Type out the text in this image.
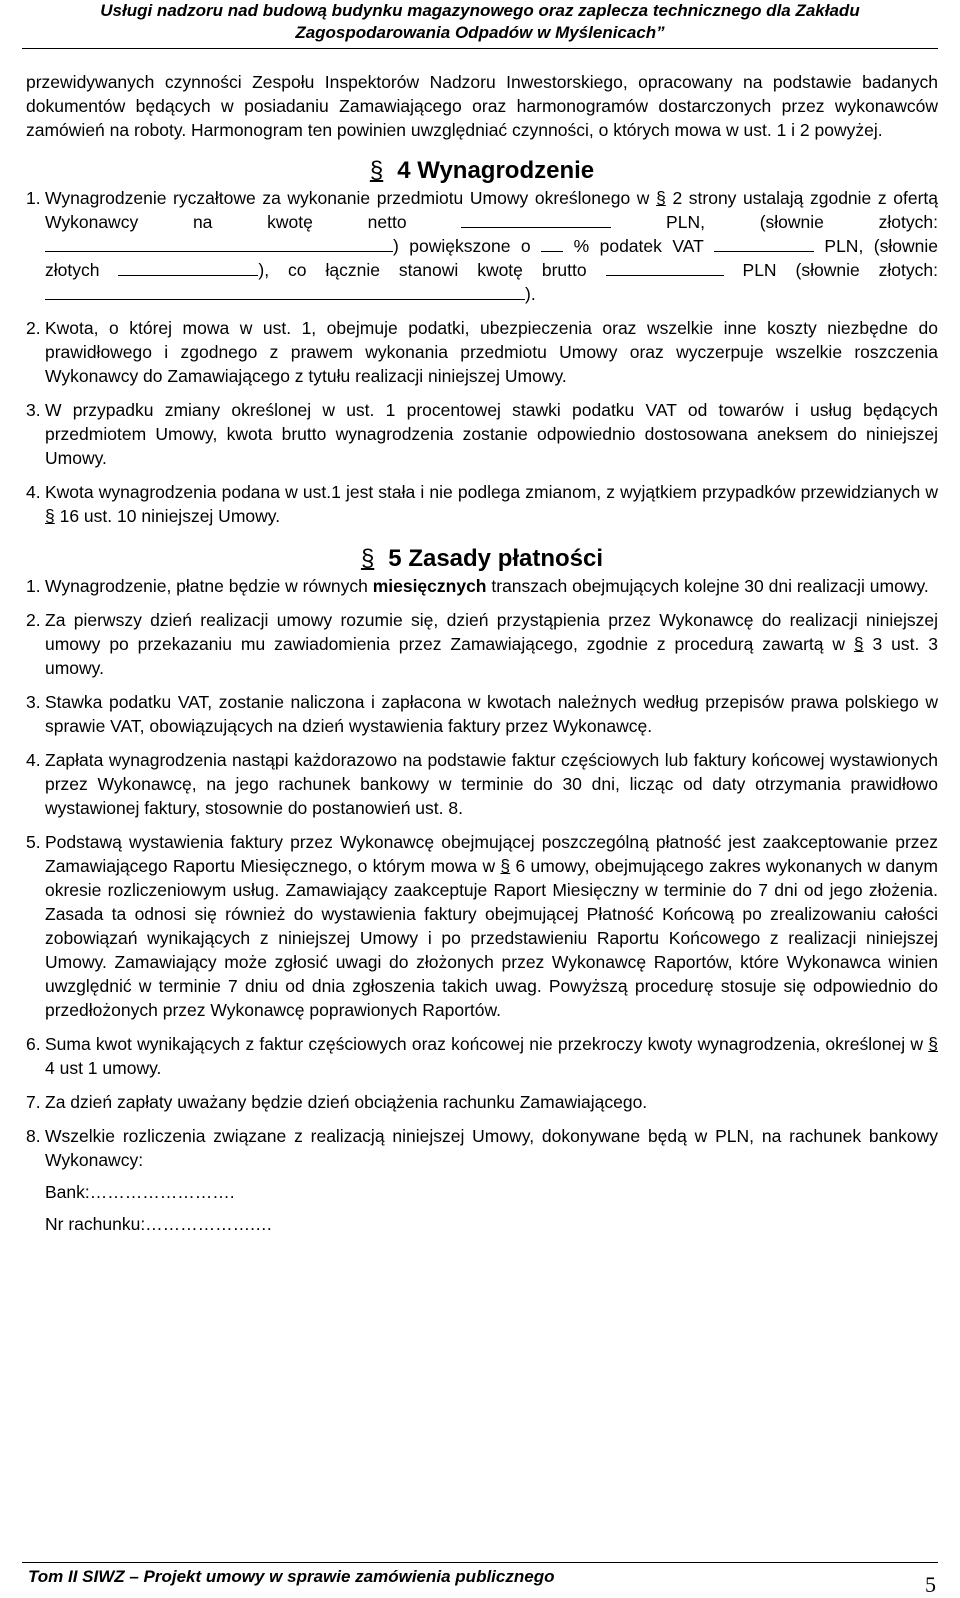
Usługi nadzoru nad budową budynku magazynowego oraz zaplecza technicznego dla Zakładu
Zagospodarowania Odpadów w Myślenicach”

przewidywanych czynności Zespołu Inspektorów Nadzoru Inwestorskiego, opracowany na podstawie badanych dokumentów będących w posiadaniu Zamawiającego oraz harmonogramów dostarczonych przez wykonawców zamówień na roboty. Harmonogram ten powinien uwzględniać czynności, o których mowa w ust. 1 i 2 powyżej.

§ 4 Wynagrodzenie

1. Wynagrodzenie ryczałtowe za wykonanie przedmiotu Umowy określonego w § 2 strony ustalają zgodnie z ofertą Wykonawcy na kwotę netto	PLN, (słownie złotych: ) powiększone o % podatek VAT	PLN, (słownie złotych	), co łącznie stanowi kwotę brutto	PLN (słownie złotych: ).
2. Kwota, o której mowa w ust. 1, obejmuje podatki, ubezpieczenia oraz wszelkie inne koszty niezbędne do prawidłowego i zgodnego z prawem wykonania przedmiotu Umowy oraz wyczerpuje wszelkie roszczenia Wykonawcy do Zamawiającego z tytułu realizacji niniejszej Umowy.
3. W przypadku zmiany określonej w ust. 1 procentowej stawki podatku VAT od towarów i usług będących przedmiotem Umowy, kwota brutto wynagrodzenia zostanie odpowiednio dostosowana aneksem do niniejszej Umowy.
4. Kwota wynagrodzenia podana w ust.1 jest stała i nie podlega zmianom, z wyjątkiem przypadków przewidzianych w § 16 ust. 10 niniejszej Umowy.

§ 5 Zasady płatności

1. Wynagrodzenie, płatne będzie w równych miesięcznych transzach obejmujących kolejne 30 dni realizacji umowy.
2. Za pierwszy dzień realizacji umowy rozumie się, dzień przystąpienia przez Wykonawcę do realizacji niniejszej umowy po przekazaniu mu zawiadomienia przez Zamawiającego, zgodnie z procedurą zawartą w § 3 ust. 3 umowy.
3. Stawka podatku VAT, zostanie naliczona i zapłacona w kwotach należnych według przepisów prawa polskiego w sprawie VAT, obowiązujących na dzień wystawienia faktury przez Wykonawcę.
4. Zapłata wynagrodzenia nastąpi każdorazowo na podstawie faktur częściowych lub faktury końcowej wystawionych przez Wykonawcę, na jego rachunek bankowy w terminie do 30 dni, licząc od daty otrzymania prawidłowo wystawionej faktury, stosownie do postanowień ust. 8.
5. Podstawą wystawienia faktury przez Wykonawcę obejmującej poszczególną płatność jest zaakceptowanie przez Zamawiającego Raportu Miesięcznego, o którym mowa w § 6 umowy, obejmującego zakres wykonanych w danym okresie rozliczeniowym usług. Zamawiający zaakceptuje Raport Miesięczny w terminie do 7 dni od jego złożenia. Zasada ta odnosi się również do wystawienia faktury obejmującej Płatność Końcową po zrealizowaniu całości zobowiązań wynikających z niniejszej Umowy i po przedstawieniu Raportu Końcowego z realizacji niniejszej Umowy. Zamawiający może zgłosić uwagi do złożonych przez Wykonawcę Raportów, które Wykonawca winien uwzględnić w terminie 7 dniu od dnia zgłoszenia takich uwag. Powyższą procedurę stosuje się odpowiednio do przedłożonych przez Wykonawcę poprawionych Raportów.
6. Suma kwot wynikających z faktur częściowych oraz końcowej nie przekroczy kwoty wynagrodzenia, określonej w § 4 ust 1 umowy.
7. Za dzień zapłaty uważany będzie dzień obciążenia rachunku Zamawiającego.
8. Wszelkie rozliczenia związane z realizacją niniejszej Umowy, dokonywane będą w PLN, na rachunek bankowy Wykonawcy:
Bank:…………………….
Nr rachunku:……………….…
Tom II SIWZ – Projekt umowy w sprawie zamówienia publicznego	5
